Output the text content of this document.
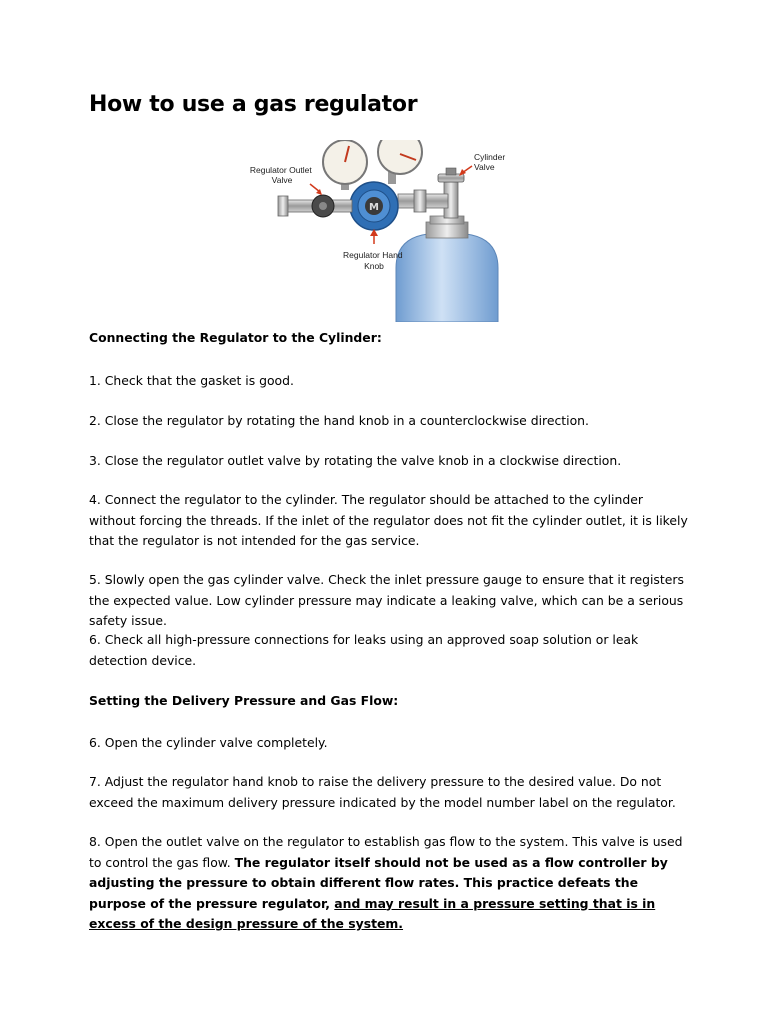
How to use a gas regulator
M
Regulator Outlet Valve
Cylinder Valve
Regulator Hand Knob

Connecting the Regulator to the Cylinder:

1. Check that the gasket is good.

2. Close the regulator by rotating the hand knob in a counterclockwise direction.

3. Close the regulator outlet valve by rotating the valve knob in a clockwise direction.

4. Connect the regulator to the cylinder. The regulator should be attached to the cylinder without forcing the threads. If the inlet of the regulator does not fit the cylinder outlet, it is likely that the regulator is not intended for the gas service.

5. Slowly open the gas cylinder valve. Check the inlet pressure gauge to ensure that it registers the expected value. Low cylinder pressure may indicate a leaking valve, which can be a serious safety issue.

6. Check all high-pressure connections for leaks using an approved soap solution or leak detection device.

Setting the Delivery Pressure and Gas Flow:

6. Open the cylinder valve completely.

7. Adjust the regulator hand knob to raise the delivery pressure to the desired value. Do not exceed the maximum delivery pressure indicated by the model number label on the regulator.

8. Open the outlet valve on the regulator to establish gas flow to the system. This valve is used to control the gas flow. The regulator itself should not be used as a flow controller by adjusting the pressure to obtain different flow rates. This practice defeats the purpose of the pressure regulator, and may result in a pressure setting that is in excess of the design pressure of the system.
